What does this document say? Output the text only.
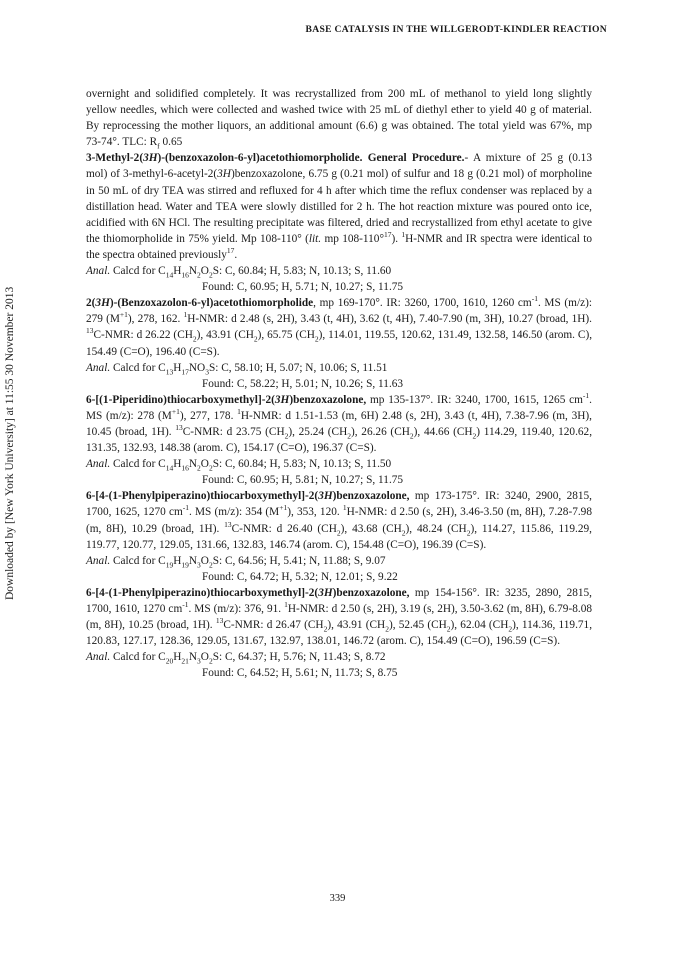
BASE CATALYSIS IN THE WILLGERODT-KINDLER REACTION
Downloaded by [New York University] at 11:55 30 November 2013

overnight and solidified completely. It was recrystallized from 200 mL of methanol to yield long slightly yellow needles, which were collected and washed twice with 25 mL of diethyl ether to yield 40 g of material. By reprocessing the mother liquors, an additional amount (6.6) g was obtained. The total yield was 67%, mp 73-74°. TLC: $R_f$ 0.65

3-Methyl-2(3H)-(benzoxazolon-6-yl)acetothiomorpholide. General Procedure.- A mixture of 25 g (0.13 mol) of 3-methyl-6-acetyl-2(3H)benzoxazolone, 6.75 g (0.21 mol) of sulfur and 18 g (0.21 mol) of morpholine in 50 mL of dry TEA was stirred and refluxed for 4 h after which time the reflux condenser was replaced by a distillation head. Water and TEA were slowly distilled for 2 h. The hot reaction mixture was poured onto ice, acidified with 6N HCl. The resulting precipitate was filtered, dried and recrystallized from ethyl acetate to give the thiomorpholide in 75% yield. Mp 108-110° (lit. mp 108-110°$^{17}$). $^1$H-NMR and IR spectra were identical to the spectra obtained previously$^{17}$.

Anal. Calcd for $C_{14}H_{16}N_2O_2S$: C, 60.84; H, 5.83; N, 10.13; S, 11.60

Found: C, 60.95; H, 5.71; N, 10.27; S, 11.75

2(3H)-(Benzoxazolon-6-yl)acetothiomorpholide, mp 169-170°. IR: 3260, 1700, 1610, 1260 $cm^{-1}$. MS (m/z): 279 $(M^{+1})$, 278, 162. $^1$H-NMR: d 2.48 (s, 2H), 3.43 (t, 4H), 3.62 (t, 4H), 7.40-7.90 (m, 3H), 10.27 (broad, 1H). $^{13}$C-NMR: d 26.22 $(CH_2)$, 43.91 $(CH_2)$, 65.75 $(CH_2)$, 114.01, 119.55, 120.62, 131.49, 132.58, 146.50 (arom. C), 154.49 (C=O), 196.40 (C=S).

Anal. Calcd for $C_{13}H_{17}NO_3S$: C, 58.10; H, 5.07; N, 10.06; S, 11.51

Found: C, 58.22; H, 5.01; N, 10.26; S, 11.63

6-[(1-Piperidino)thiocarboxymethyl]-2(3H)benzoxazolone, mp 135-137°. IR: 3240, 1700, 1615, 1265 $cm^{-1}$. MS (m/z): 278 $(M^{+1})$, 277, 178. $^1$H-NMR: d 1.51-1.53 (m, 6H) 2.48 (s, 2H), 3.43 (t, 4H), 7.38-7.96 (m, 3H), 10.45 (broad, 1H). $^{13}$C-NMR: d 23.75 $(CH_2)$, 25.24 $(CH_2)$, 26.26 $(CH_2)$, 44.66 $(CH_2)$ 114.29, 119.40, 120.62, 131.35, 132.93, 148.38 (arom. C), 154.17 (C=O), 196.37 (C=S).

Anal. Calcd for $C_{14}H_{16}N_2O_2S$: C, 60.84; H, 5.83; N, 10.13; S, 11.50

Found: C, 60.95; H, 5.81; N, 10.27; S, 11.75

6-[4-(1-Phenylpiperazino)thiocarboxymethyl]-2(3H)benzoxazolone, mp 173-175°. IR: 3240, 2900, 2815, 1700, 1625, 1270 $cm^{-1}$. MS (m/z): 354 $(M^{+1})$, 353, 120. $^1$H-NMR: d 2.50 (s, 2H), 3.46-3.50 (m, 8H), 7.28-7.98 (m, 8H), 10.29 (broad, 1H). $^{13}$C-NMR: d 26.40 $(CH_2)$, 43.68 $(CH_2)$, 48.24 $(CH_2)$, 114.27, 115.86, 119.29, 119.77, 120.77, 129.05, 131.66, 132.83, 146.74 (arom. C), 154.48 (C=O), 196.39 (C=S).

Anal. Calcd for $C_{19}H_{19}N_3O_2S$: C, 64.56; H, 5.41; N, 11.88; S, 9.07

Found: C, 64.72; H, 5.32; N, 12.01; S, 9.22

6-[4-(1-Phenylpiperazino)thiocarboxymethyl]-2(3H)benzoxazolone, mp 154-156°. IR: 3235, 2890, 2815, 1700, 1610, 1270 $cm^{-1}$. MS (m/z): 376, 91. $^1$H-NMR: d 2.50 (s, 2H), 3.19 (s, 2H), 3.50-3.62 (m, 8H), 6.79-8.08 (m, 8H), 10.25 (broad, 1H). $^{13}$C-NMR: d 26.47 $(CH_2)$, 43.91 $(CH_2)$, 52.45 $(CH_2)$, 62.04 $(CH_2)$, 114.36, 119.71, 120.83, 127.17, 128.36, 129.05, 131.67, 132.97, 138.01, 146.72 (arom. C), 154.49 (C=O), 196.59 (C=S).

Anal. Calcd for $C_{20}H_{21}N_3O_2S$: C, 64.37; H, 5.76; N, 11.43; S, 8.72

Found: C, 64.52; H, 5.61; N, 11.73; S, 8.75

339
